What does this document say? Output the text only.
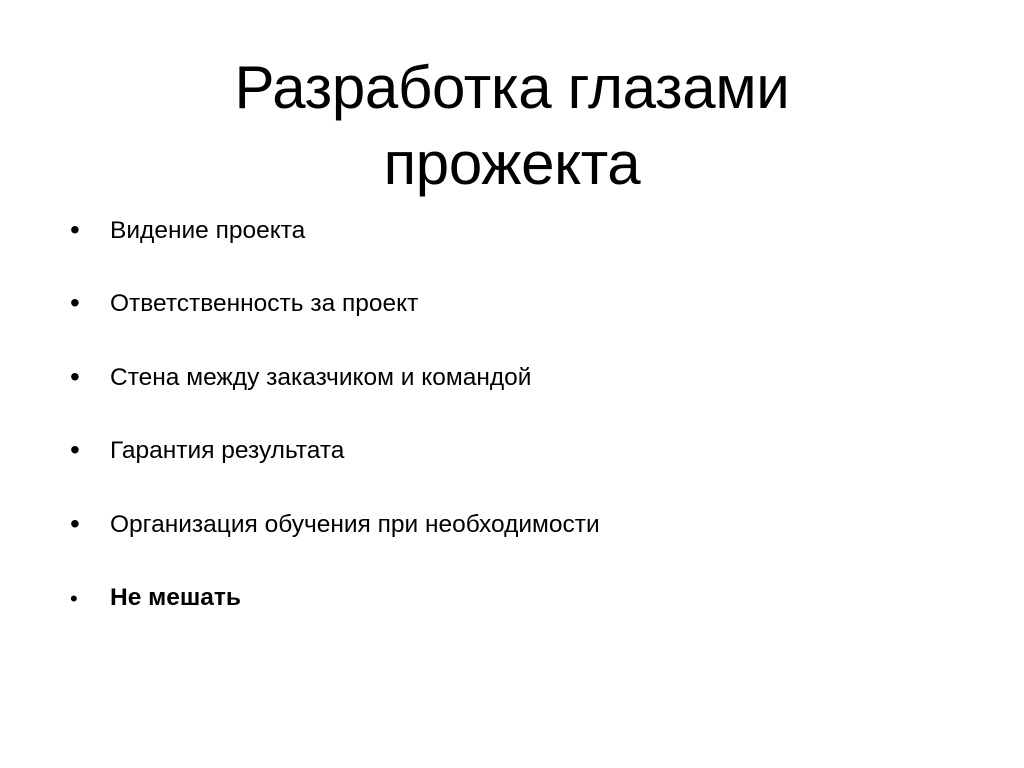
Разработка глазами
прожекта
•	Видение проекта
•	Ответственность за проект
•	Стена между заказчиком и командой
•	Гарантия результата
•	Организация обучения при необходимости
•	Не мешать
